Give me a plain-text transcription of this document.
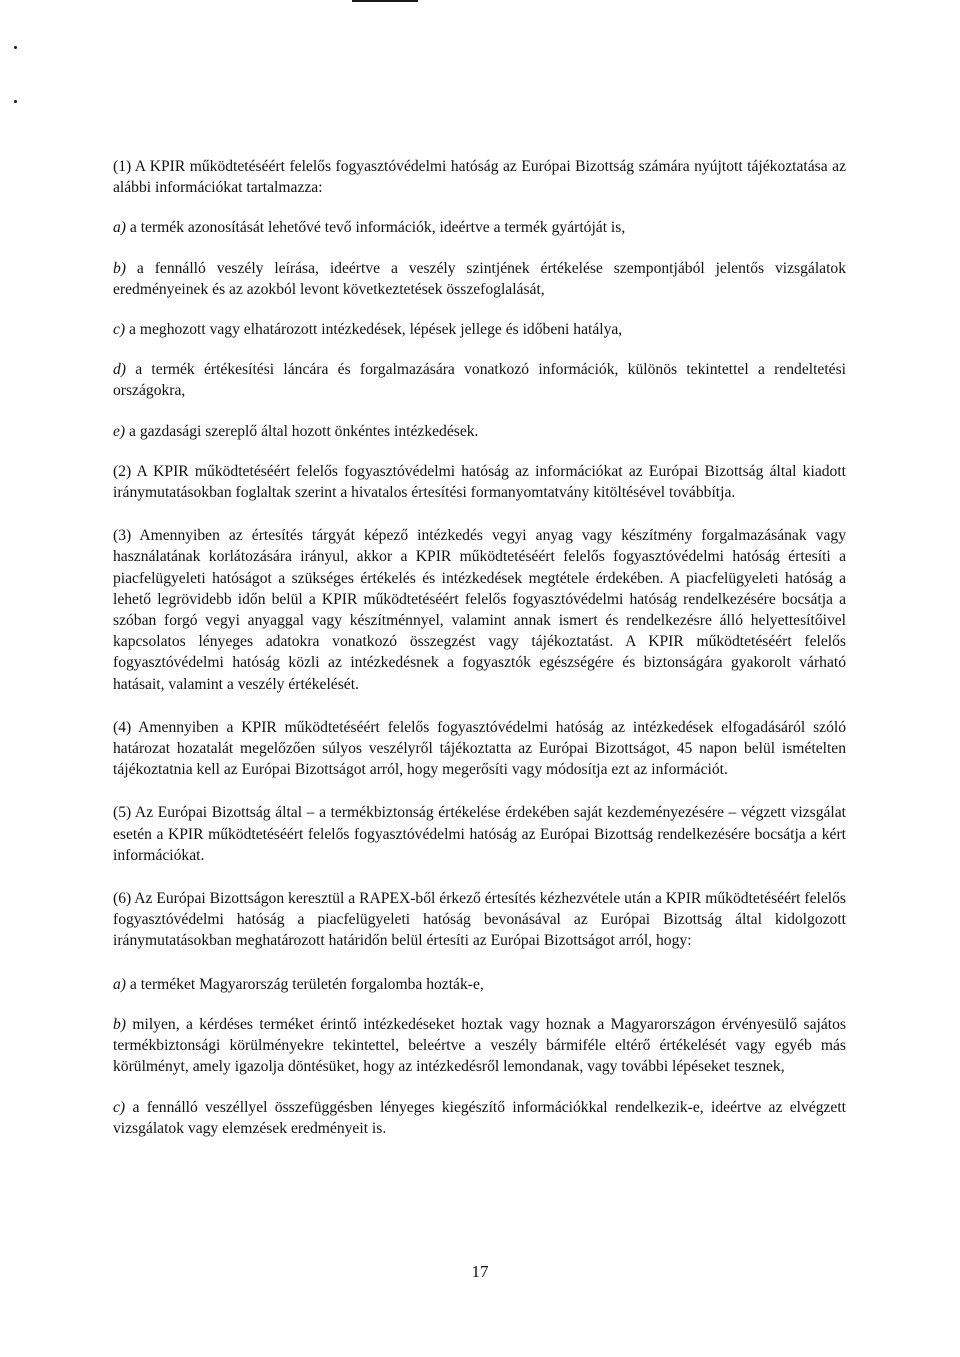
(1) A KPIR működtetéséért felelős fogyasztóvédelmi hatóság az Európai Bizottság számára nyújtott tájékoztatása az alábbi információkat tartalmazza:

a) a termék azonosítását lehetővé tevő információk, ideértve a termék gyártóját is,

b) a fennálló veszély leírása, ideértve a veszély szintjének értékelése szempontjából jelentős vizsgálatok eredményeinek és az azokból levont következtetések összefoglalását,

c) a meghozott vagy elhatározott intézkedések, lépések jellege és időbeni hatálya,

d) a termék értékesítési láncára és forgalmazására vonatkozó információk, különös tekintettel a rendeltetési országokra,

e) a gazdasági szereplő által hozott önkéntes intézkedések.

(2) A KPIR működtetéséért felelős fogyasztóvédelmi hatóság az információkat az Európai Bizottság által kiadott iránymutatásokban foglaltak szerint a hivatalos értesítési formanyomtatvány kitöltésével továbbítja.

(3) Amennyiben az értesítés tárgyát képező intézkedés vegyi anyag vagy készítmény forgalmazásának vagy használatának korlátozására irányul, akkor a KPIR működtetéséért felelős fogyasztóvédelmi hatóság értesíti a piacfelügyeleti hatóságot a szükséges értékelés és intézkedések megtétele érdekében. A piacfelügyeleti hatóság a lehető legrövidebb időn belül a KPIR működtetéséért felelős fogyasztóvédelmi hatóság rendelkezésére bocsátja a szóban forgó vegyi anyaggal vagy készítménnyel, valamint annak ismert és rendelkezésre álló helyettesítőivel kapcsolatos lényeges adatokra vonatkozó összegzést vagy tájékoztatást. A KPIR működtetéséért felelős fogyasztóvédelmi hatóság közli az intézkedésnek a fogyasztók egészségére és biztonságára gyakorolt várható hatásait, valamint a veszély értékelését.

(4) Amennyiben a KPIR működtetéséért felelős fogyasztóvédelmi hatóság az intézkedések elfogadásáról szóló határozat hozatalát megelőzően súlyos veszélyről tájékoztatta az Európai Bizottságot, 45 napon belül ismételten tájékoztatnia kell az Európai Bizottságot arról, hogy megerősíti vagy módosítja ezt az információt.

(5) Az Európai Bizottság által – a termékbiztonság értékelése érdekében saját kezdeményezésére – végzett vizsgálat esetén a KPIR működtetéséért felelős fogyasztóvédelmi hatóság az Európai Bizottság rendelkezésére bocsátja a kért információkat.

(6) Az Európai Bizottságon keresztül a RAPEX-ből érkező értesítés kézhezvétele után a KPIR működtetéséért felelős fogyasztóvédelmi hatóság a piacfelügyeleti hatóság bevonásával az Európai Bizottság által kidolgozott iránymutatásokban meghatározott határidőn belül értesíti az Európai Bizottságot arról, hogy:

a) a terméket Magyarország területén forgalomba hozták-e,

b) milyen, a kérdéses terméket érintő intézkedéseket hoztak vagy hoznak a Magyarországon érvényesülő sajátos termékbiztonsági körülményekre tekintettel, beleértve a veszély bármiféle eltérő értékelését vagy egyéb más körülményt, amely igazolja döntésüket, hogy az intézkedésről lemondanak, vagy további lépéseket tesznek,

c) a fennálló veszéllyel összefüggésben lényeges kiegészítő információkkal rendelkezik-e, ideértve az elvégzett vizsgálatok vagy elemzések eredményeit is.

17
